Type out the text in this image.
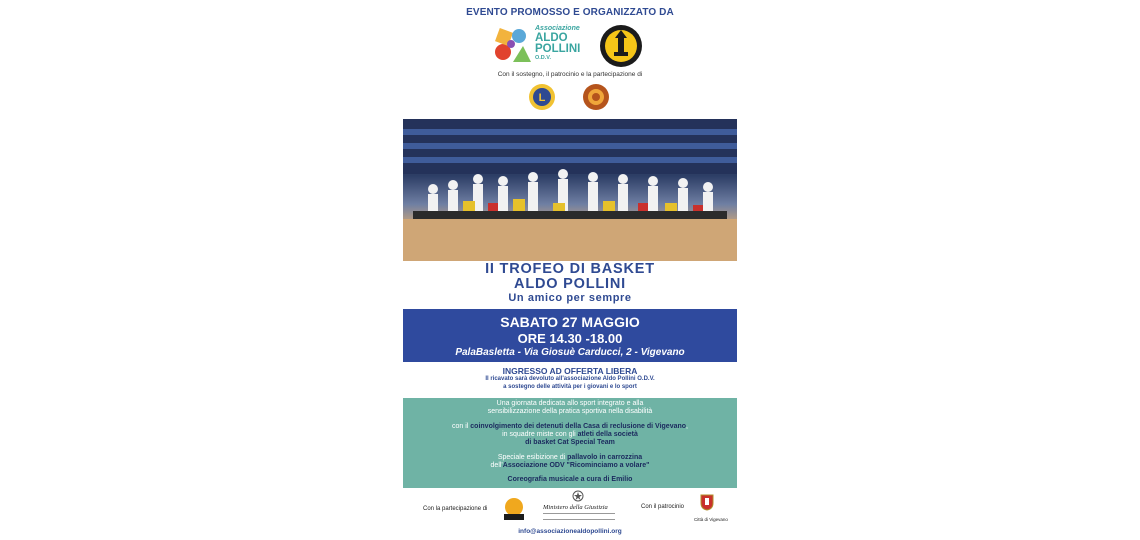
EVENTO PROMOSSO E ORGANIZZATO DA
Associazione
ALDO
POLLINI
O.D.V.
Con il sostegno, il patrocinio e la partecipazione di
L
II TROFEO DI BASKET
ALDO POLLINI
Un amico per sempre
SABATO 27 MAGGIO
ORE 14.30 -18.00
PalaBasletta - Via Giosuè Carducci, 2 - Vigevano
INGRESSO AD OFFERTA LIBERA
Il ricavato sarà devoluto all'associazione Aldo Pollini O.D.V.
a sostegno delle attività per i giovani e lo sport

Una giornata dedicata allo sport integrato e alla

sensibilizzazione della pratica sportiva nella disabilità

con il coinvolgimento dei detenuti della Casa di reclusione di Vigevano,

in squadre miste con gli atleti della società

di basket Cat Special Team

Speciale esibizione di pallavolo in carrozzina

dell'Associazione ODV "Ricominciamo a volare"

Coreografia musicale a cura di Emilio

Con la partecipazione di	Ministero della Giustizia	Con il patrocinio
Città di Vigevano
info@associazionealdopollini.org
